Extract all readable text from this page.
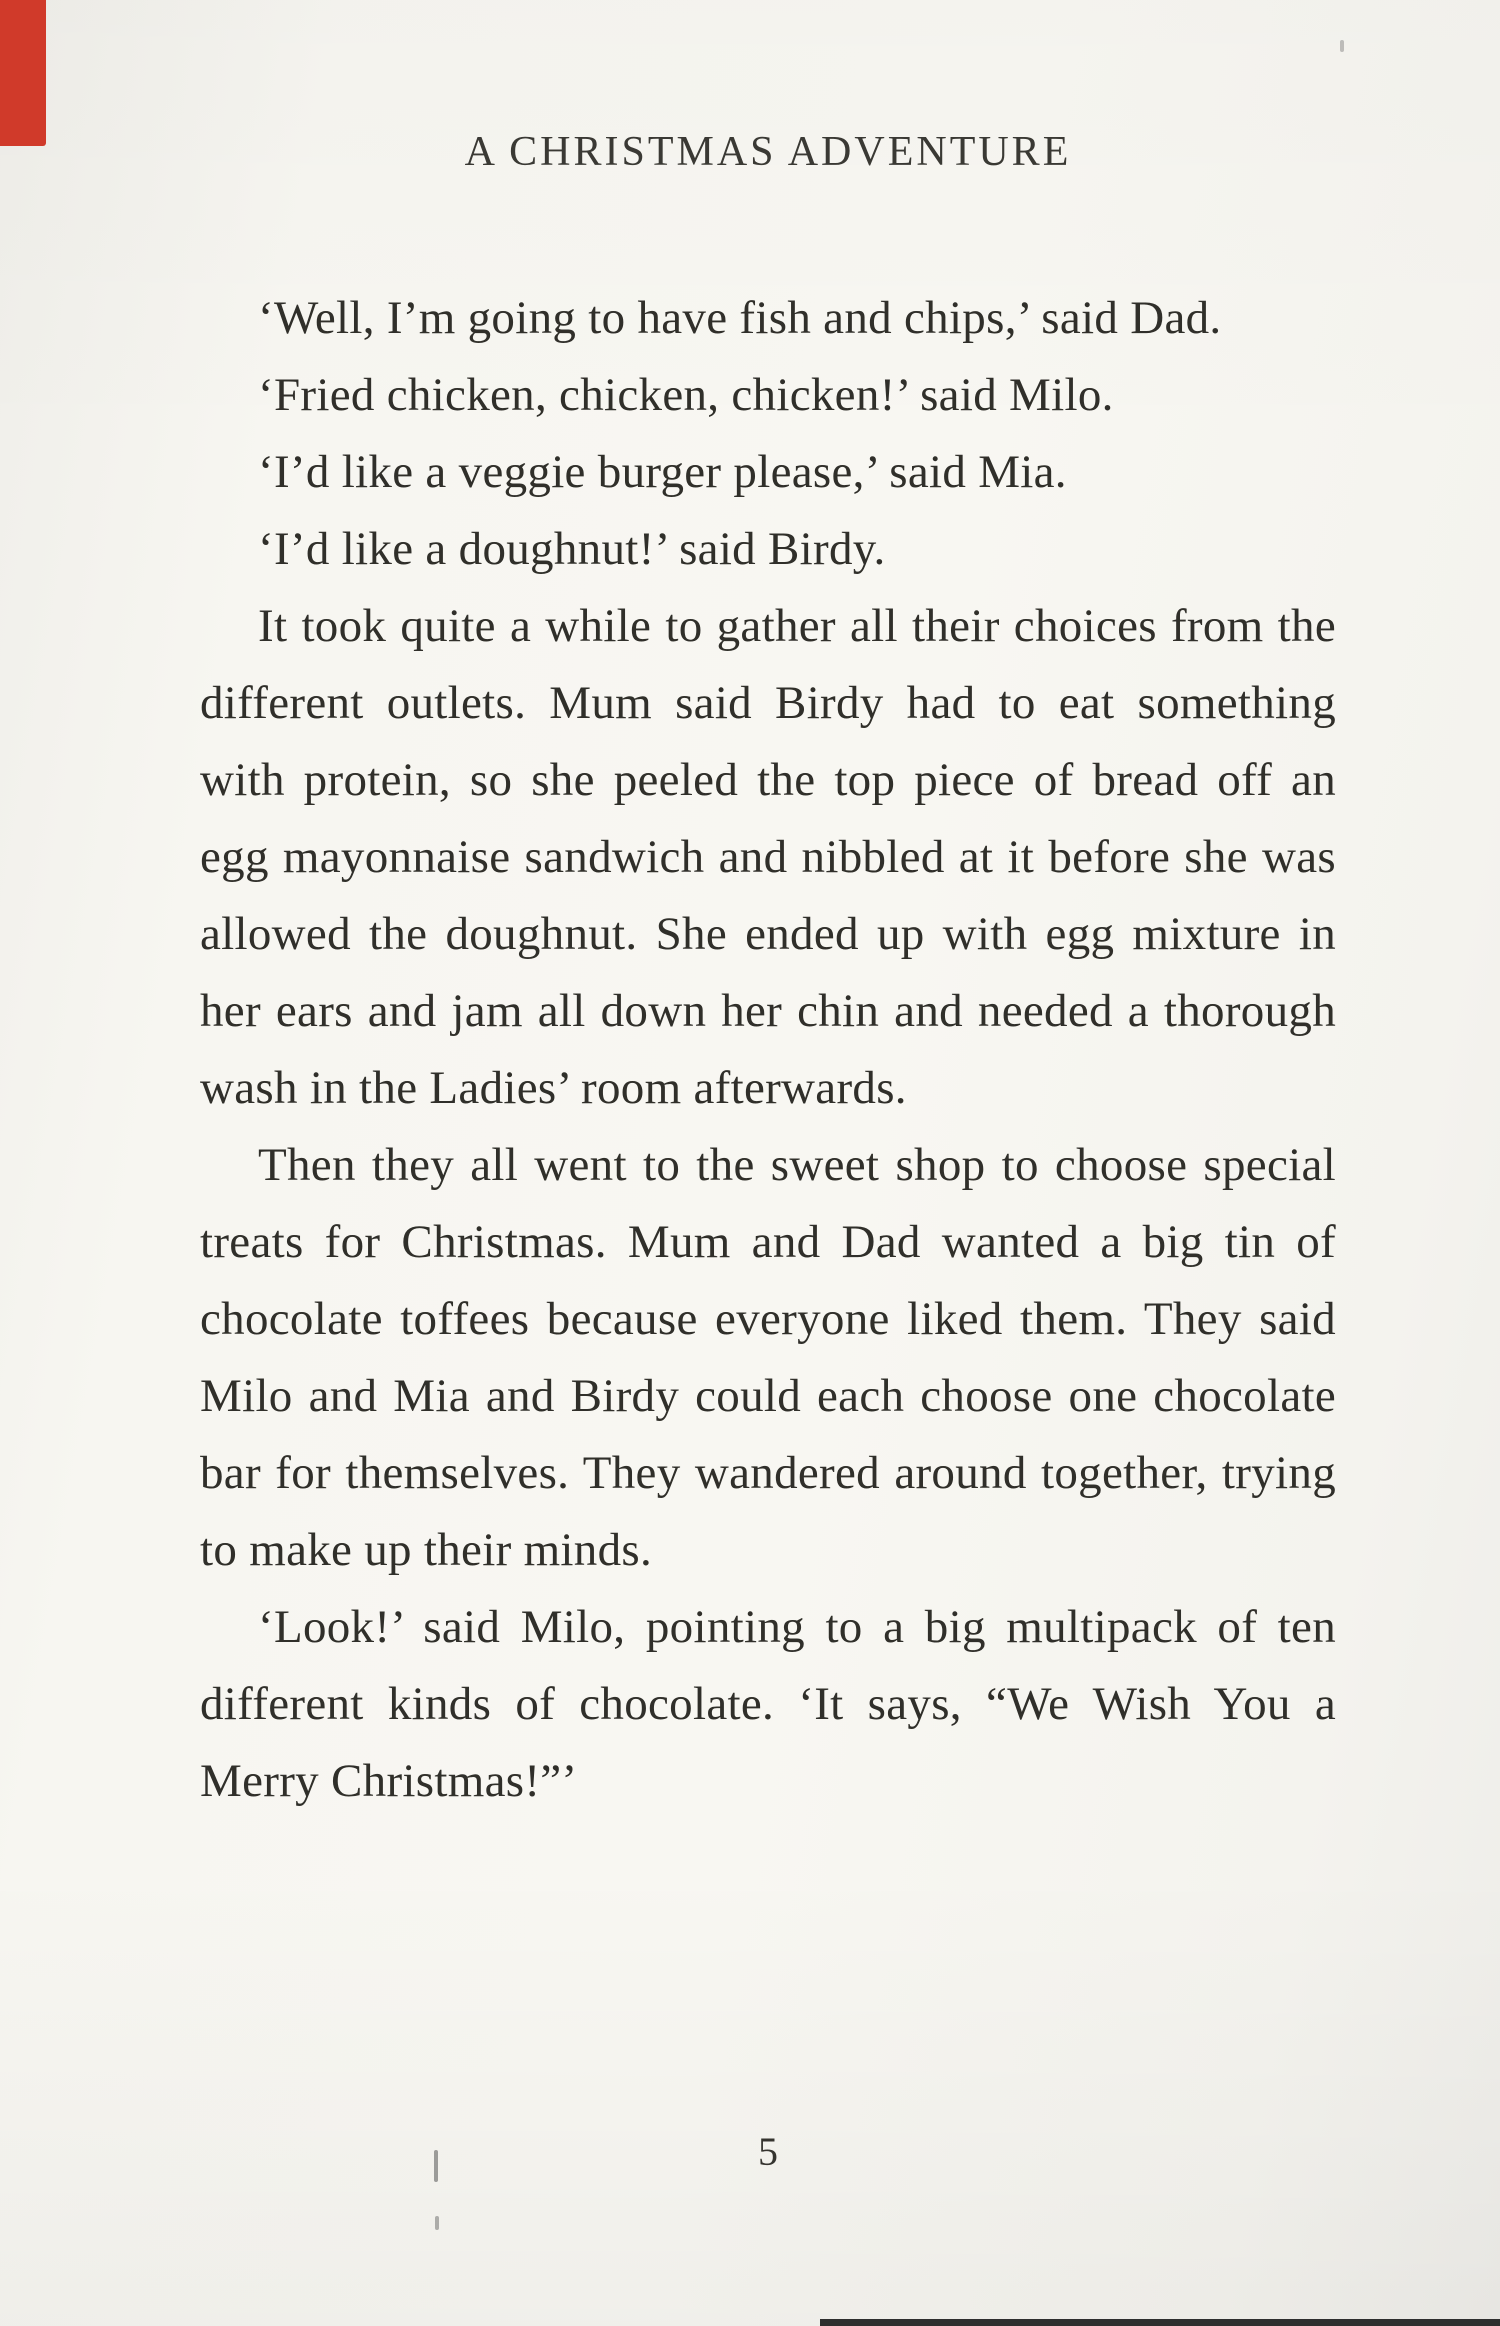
A CHRISTMAS ADVENTURE

‘Well, I’m going to have fish and chips,’ said Dad.

‘Fried chicken, chicken, chicken!’ said Milo.

‘I’d like a veggie burger please,’ said Mia.

‘I’d like a doughnut!’ said Birdy.

It took quite a while to gather all their choices from the different outlets. Mum said Birdy had to eat something with protein, so she peeled the top piece of bread off an egg mayonnaise sandwich and nibbled at it before she was allowed the doughnut. She ended up with egg mixture in her ears and jam all down her chin and needed a thorough wash in the Ladies’ room afterwards.

Then they all went to the sweet shop to choose special treats for Christmas. Mum and Dad wanted a big tin of chocolate toffees because everyone liked them. They said Milo and Mia and Birdy could each choose one chocolate bar for themselves. They wandered around together, trying to make up their minds.

‘Look!’ said Milo, pointing to a big multipack of ten different kinds of chocolate. ‘It says, “We Wish You a Merry Christmas!”’

5
